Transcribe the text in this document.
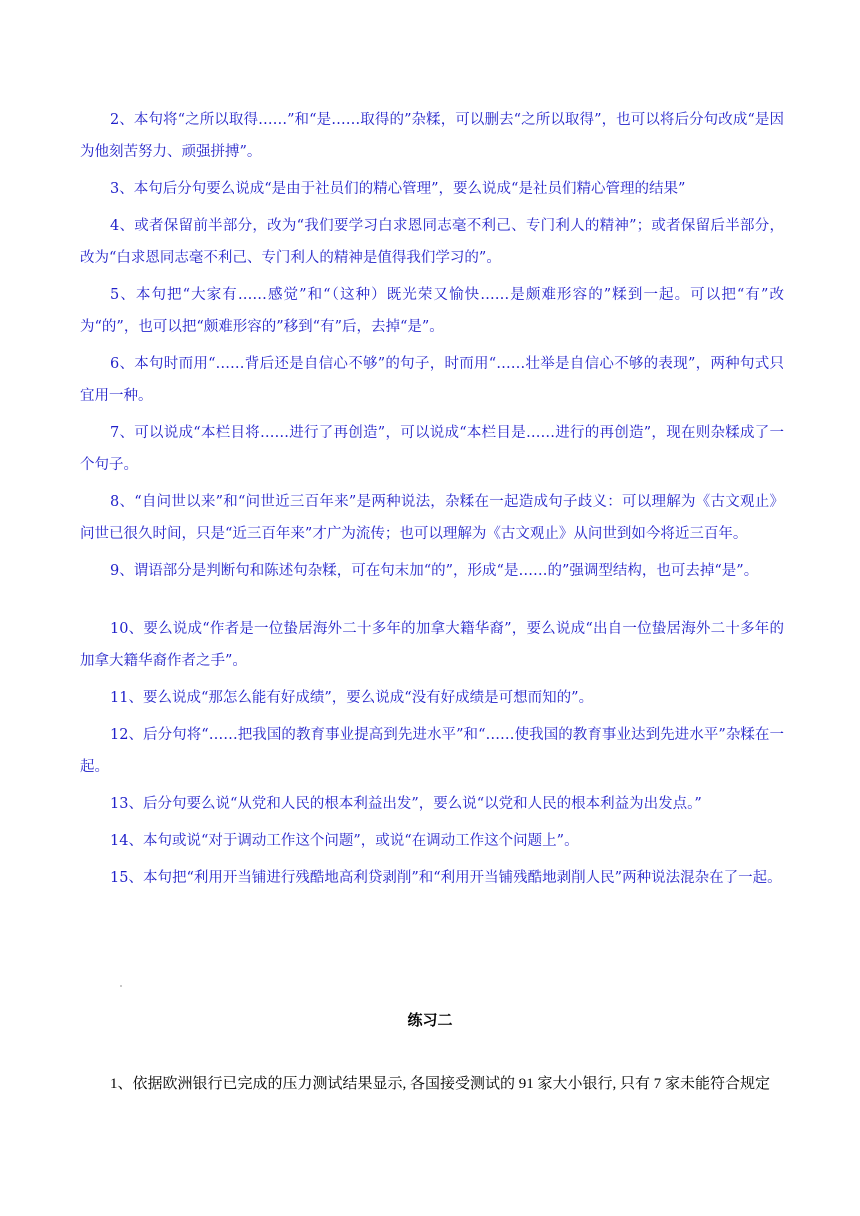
2、本句将“之所以取得……”和“是……取得的”杂糅，可以删去“之所以取得”，也可以将后分句改成“是因为他刻苦努力、顽强拼搏”。

3、本句后分句要么说成“是由于社员们的精心管理”，要么说成“是社员们精心管理的结果”

4、或者保留前半部分，改为“我们要学习白求恩同志毫不利己、专门利人的精神”；或者保留后半部分，改为“白求恩同志毫不利己、专门利人的精神是值得我们学习的”。

5、本句把“大家有……感觉”和“（这种）既光荣又愉快……是颇难形容的”糅到一起。可以把“有”改为“的”，也可以把“颇难形容的”移到“有”后，去掉“是”。

6、本句时而用“……背后还是自信心不够”的句子，时而用“……壮举是自信心不够的表现”，两种句式只宜用一种。

7、可以说成“本栏目将……进行了再创造”，可以说成“本栏目是……进行的再创造”，现在则杂糅成了一个句子。

8、“自问世以来”和“问世近三百年来”是两种说法，杂糅在一起造成句子歧义：可以理解为《古文观止》问世已很久时间，只是“近三百年来”才广为流传；也可以理解为《古文观止》从问世到如今将近三百年。

9、谓语部分是判断句和陈述句杂糅，可在句末加“的”，形成“是……的”强调型结构，也可去掉“是”。

10、要么说成“作者是一位蛰居海外二十多年的加拿大籍华裔”，要么说成“出自一位蛰居海外二十多年的加拿大籍华裔作者之手”。

11、要么说成“那怎么能有好成绩”，要么说成“没有好成绩是可想而知的”。

12、后分句将“……把我国的教育事业提高到先进水平”和“……使我国的教育事业达到先进水平”杂糅在一起。

13、后分句要么说“从党和人民的根本利益出发”，要么说“以党和人民的根本利益为出发点。”

14、本句或说“对于调动工作这个问题”，或说“在调动工作这个问题上”。

15、本句把“利用开当铺进行残酷地高利贷剥削”和“利用开当铺残酷地剥削人民”两种说法混杂在了一起。

练习二
1、依据欧洲银行已完成的压力测试结果显示, 各国接受测试的 91 家大小银行, 只有 7 家未能符合规定
